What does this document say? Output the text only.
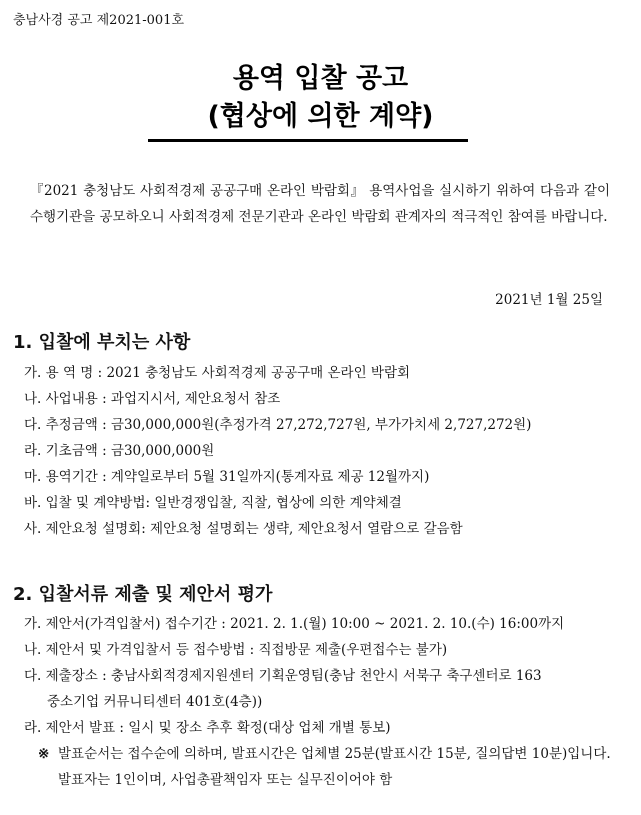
충남사경 공고 제2021-001호
용역 입찰 공고
(협상에 의한 계약)
『2021 충청남도 사회적경제 공공구매 온라인 박람회』 용역사업을 실시하기 위하여 다음과 같이 수행기관을 공모하오니 사회적경제 전문기관과 온라인 박람회 관계자의 적극적인 참여를 바랍니다.
2021년 1월 25일
1. 입찰에 부치는 사항
가. 용 역 명 : 2021 충청남도 사회적경제 공공구매 온라인 박람회
나. 사업내용 : 과업지시서, 제안요청서 참조
다. 추정금액 : 금30,000,000원(추정가격 27,272,727원, 부가가치세 2,727,272원)
라. 기초금액 : 금30,000,000원
마. 용역기간 : 계약일로부터 5월 31일까지(통계자료 제공 12월까지)
바. 입찰 및 계약방법: 일반경쟁입찰, 직찰, 협상에 의한 계약체결
사. 제안요청 설명회: 제안요청 설명회는 생략, 제안요청서 열람으로 갈음함
2. 입찰서류 제출 및 제안서 평가
가. 제안서(가격입찰서) 접수기간 : 2021. 2. 1.(월) 10:00 ~ 2021. 2. 10.(수) 16:00까지
나. 제안서 및 가격입찰서 등 접수방법 : 직접방문 제출(우편접수는 불가)
다. 제출장소 : 충남사회적경제지원센터 기획운영팀(충남 천안시 서북구 축구센터로 163
중소기업 커뮤니티센터 401호(4층))
라. 제안서 발표 : 일시 및 장소 추후 확정(대상 업체 개별 통보)
※ 발표순서는 접수순에 의하며, 발표시간은 업체별 25분(발표시간 15분, 질의답변 10분)입니다.
발표자는 1인이며, 사업총괄책임자 또는 실무진이어야 함
